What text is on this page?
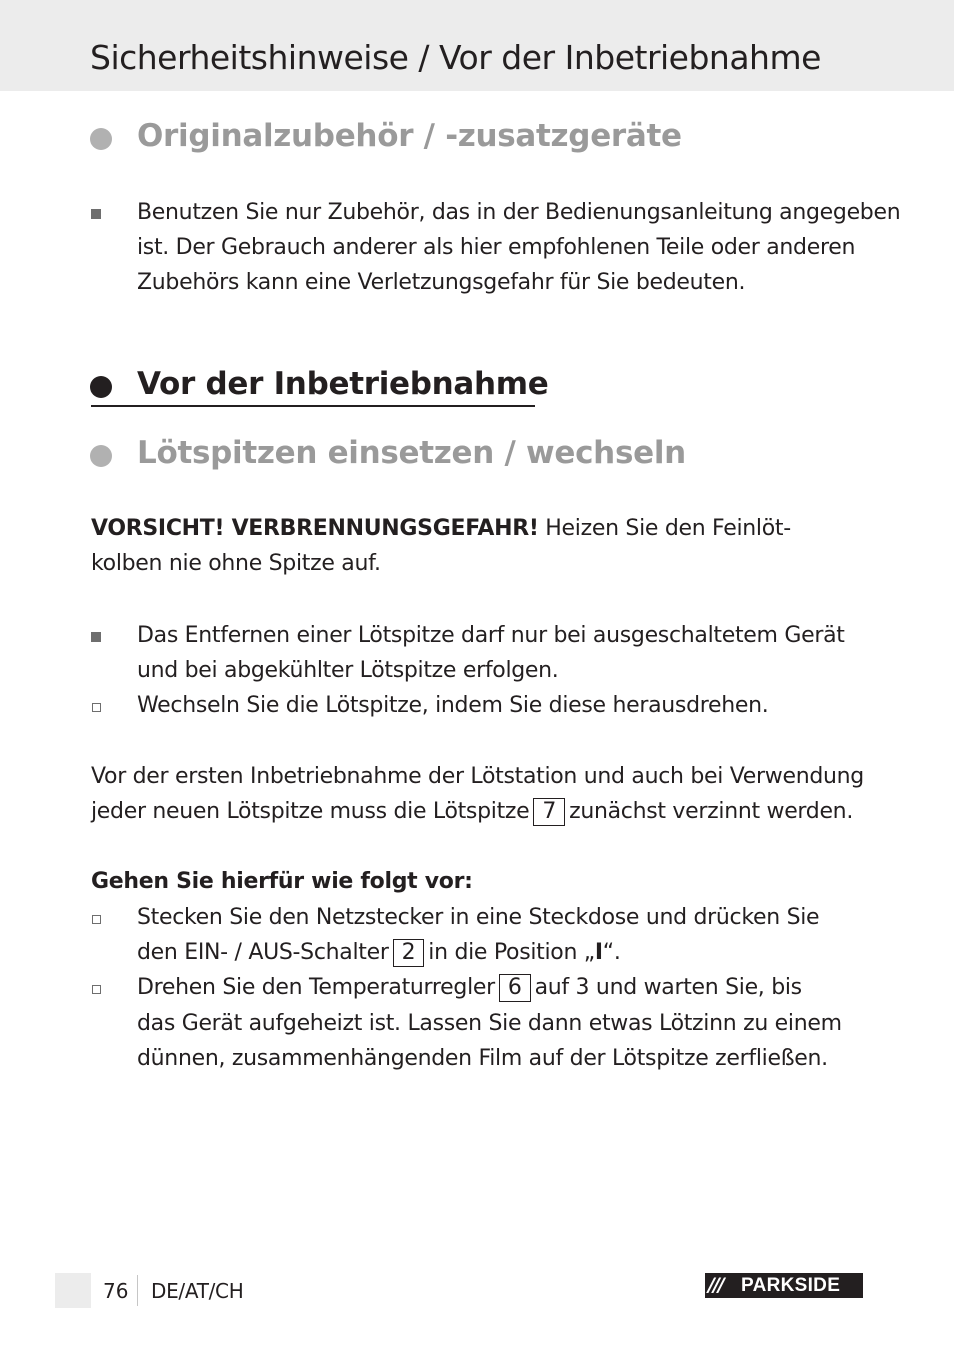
Sicherheitshinweise / Vor der Inbetriebnahme
Originalzubehör / -zusatzgeräte
Benutzen Sie nur Zubehör, das in der Bedienungsanleitung angegeben
ist. Der Gebrauch anderer als hier empfohlenen Teile oder anderen
Zubehörs kann eine Verletzungsgefahr für Sie bedeuten.
Vor der Inbetriebnahme
Lötspitzen einsetzen / wechseln
VORSICHT! VERBRENNUNGSGEFAHR! Heizen Sie den Feinlöt-
kolben nie ohne Spitze auf.
Das Entfernen einer Lötspitze darf nur bei ausgeschaltetem Gerät
und bei abgekühlter Lötspitze erfolgen.
Wechseln Sie die Lötspitze, indem Sie diese herausdrehen.
Vor der ersten Inbetriebnahme der Lötstation und auch bei Verwendung
jeder neuen Lötspitze muss die Lötspitze 7 zunächst verzinnt werden.
Gehen Sie hierfür wie folgt vor:
Stecken Sie den Netzstecker in eine Steckdose und drücken Sie
den EIN- / AUS-Schalter 2 in die Position „I“.
Drehen Sie den Temperaturregler 6 auf 3 und warten Sie, bis
das Gerät aufgeheizt ist. Lassen Sie dann etwas Lötzinn zu einem
dünnen, zusammenhängenden Film auf der Lötspitze zerfließen.
76 DE/AT/CH	/// PARKSIDE
